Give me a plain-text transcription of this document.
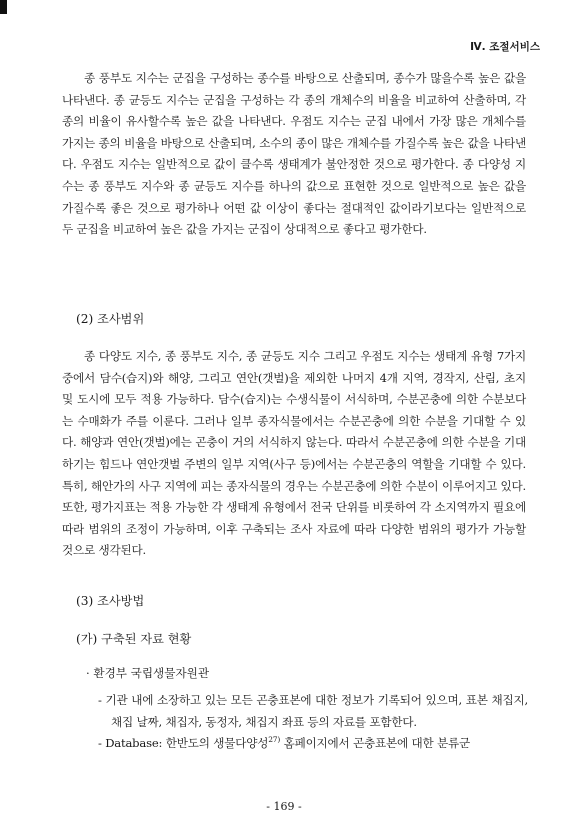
Ⅳ. 조절서비스

종 풍부도 지수는 군집을 구성하는 종수를 바탕으로 산출되며, 종수가 많을수록 높은 값을 나타낸다. 종 균등도 지수는 군집을 구성하는 각 종의 개체수의 비율을 비교하여 산출하며, 각 종의 비율이 유사할수록 높은 값을 나타낸다. 우점도 지수는 군집 내에서 가장 많은 개체수를 가지는 종의 비율을 바탕으로 산출되며, 소수의 종이 많은 개체수를 가질수록 높은 값을 나타낸다. 우점도 지수는 일반적으로 값이 클수록 생태계가 불안정한 것으로 평가한다. 종 다양성 지수는 종 풍부도 지수와 종 균등도 지수를 하나의 값으로 표현한 것으로 일반적으로 높은 값을 가질수록 좋은 것으로 평가하나 어떤 값 이상이 좋다는 절대적인 값이라기보다는 일반적으로 두 군집을 비교하여 높은 값을 가지는 군집이 상대적으로 좋다고 평가한다.

(2) 조사범위

종 다양도 지수, 종 풍부도 지수, 종 균등도 지수 그리고 우점도 지수는 생태계 유형 7가지 중에서 담수(습지)와 해양, 그리고 연안(갯벌)을 제외한 나머지 4개 지역, 경작지, 산림, 초지 및 도시에 모두 적용 가능하다. 담수(습지)는 수생식물이 서식하며, 수분곤충에 의한 수분보다는 수매화가 주를 이룬다. 그러나 일부 종자식물에서는 수분곤충에 의한 수분을 기대할 수 있다. 해양과 연안(갯벌)에는 곤충이 거의 서식하지 않는다. 따라서 수분곤충에 의한 수분을 기대하기는 힘드나 연안갯벌 주변의 일부 지역(사구 등)에서는 수분곤충의 역할을 기대할 수 있다. 특히, 해안가의 사구 지역에 피는 종자식물의 경우는 수분곤충에 의한 수분이 이루어지고 있다. 또한, 평가지표는 적용 가능한 각 생태계 유형에서 전국 단위를 비롯하여 각 소지역까지 필요에 따라 범위의 조정이 가능하며, 이후 구축되는 조사 자료에 따라 다양한 범위의 평가가 가능할 것으로 생각된다.

(3) 조사방법
(가) 구축된 자료 현황
· 환경부 국립생물자원관
- 기관 내에 소장하고 있는 모든 곤충표본에 대한 정보가 기록되어 있으며, 표본 채집지, 채집 날짜, 채집자, 동정자, 채집지 좌표 등의 자료를 포함한다.
- Database: 한반도의 생물다양성$^{27)}$ 홈페이지에서 곤충표본에 대한 분류군
- 169 -
